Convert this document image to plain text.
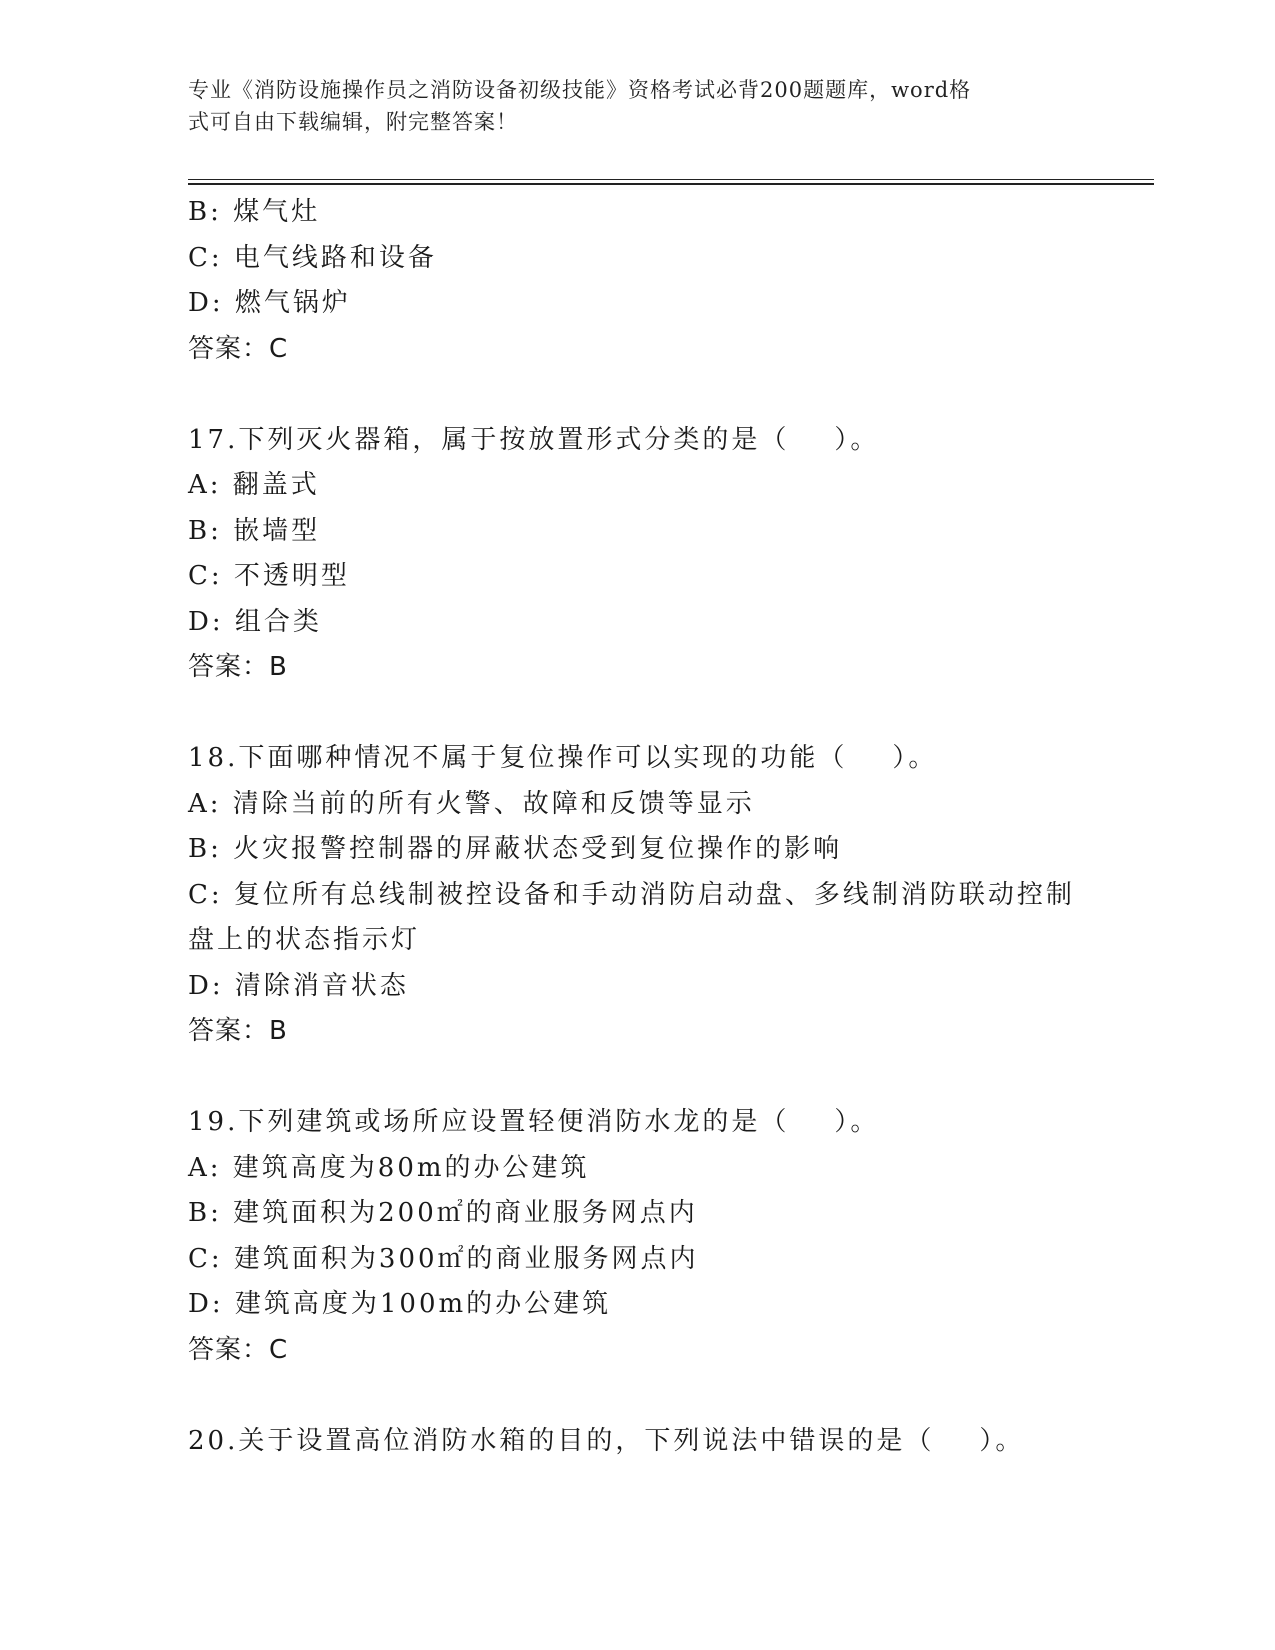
专业《消防设施操作员之消防设备初级技能》资格考试必背200题题库，word格
式可自由下载编辑，附完整答案！

B: 煤气灶

C: 电气线路和设备

D: 燃气锅炉

答案：C

17.下列灭火器箱，属于按放置形式分类的是（    ）。

A: 翻盖式

B: 嵌墙型

C: 不透明型

D: 组合类

答案：B

18.下面哪种情况不属于复位操作可以实现的功能（    ）。

A: 清除当前的所有火警、故障和反馈等显示

B: 火灾报警控制器的屏蔽状态受到复位操作的影响

C: 复位所有总线制被控设备和手动消防启动盘、多线制消防联动控制盘上的状态指示灯

D: 清除消音状态

答案：B

19.下列建筑或场所应设置轻便消防水龙的是（    ）。

A: 建筑高度为80m的办公建筑

B: 建筑面积为200㎡的商业服务网点内

C: 建筑面积为300㎡的商业服务网点内

D: 建筑高度为100m的办公建筑

答案：C

20.关于设置高位消防水箱的目的，下列说法中错误的是（    ）。
